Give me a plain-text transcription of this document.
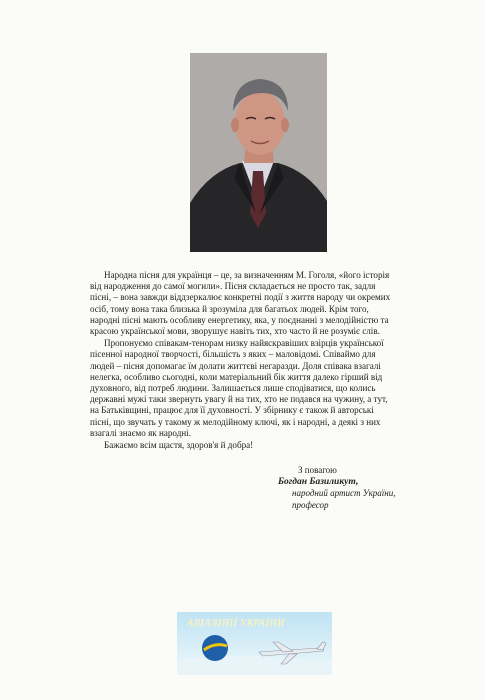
Народна пісня для українця – це, за визначенням М. Гоголя, «його історія від народження до самої могили». Пісня складається не просто так, задля пісні, – вона завжди віддзеркалює конкретні події з життя народу чи окремих осіб, тому вона така близька й зрозуміла для багатьох людей. Крім того, народні пісні мають особливу енергетику, яка, у поєднанні з мелодійністю та красою української мови, зворушує навіть тих, хто часто й не розуміє слів.

Пропонуємо співакам-тенорам низку найяскравіших взірців української пісенної народної творчості, більшість з яких – маловідомі. Співаймо для людей – пісня допомагає їм долати життєві негаразди. Доля співака взагалі нелегка, особливо сьогодні, коли матеріальний бік життя далеко гірший від духовного, від потреб людини. Залишається лише сподіватися, що колись державні мужі таки звернуть увагу й на тих, хто не подався на чужину, а тут, на Батьківщині, працює для її духовності. У збірнику є також й авторські пісні, що звучать у такому ж мелодійному ключі, як і народні, а деякі з них взагалі знаємо як народні.

Бажаємо всім щастя, здоров'я й добра!

З повагою
Богдан Базиликут,
народний артист України,
професор
АВІАЛІНІЇ УКРАЇНИ
